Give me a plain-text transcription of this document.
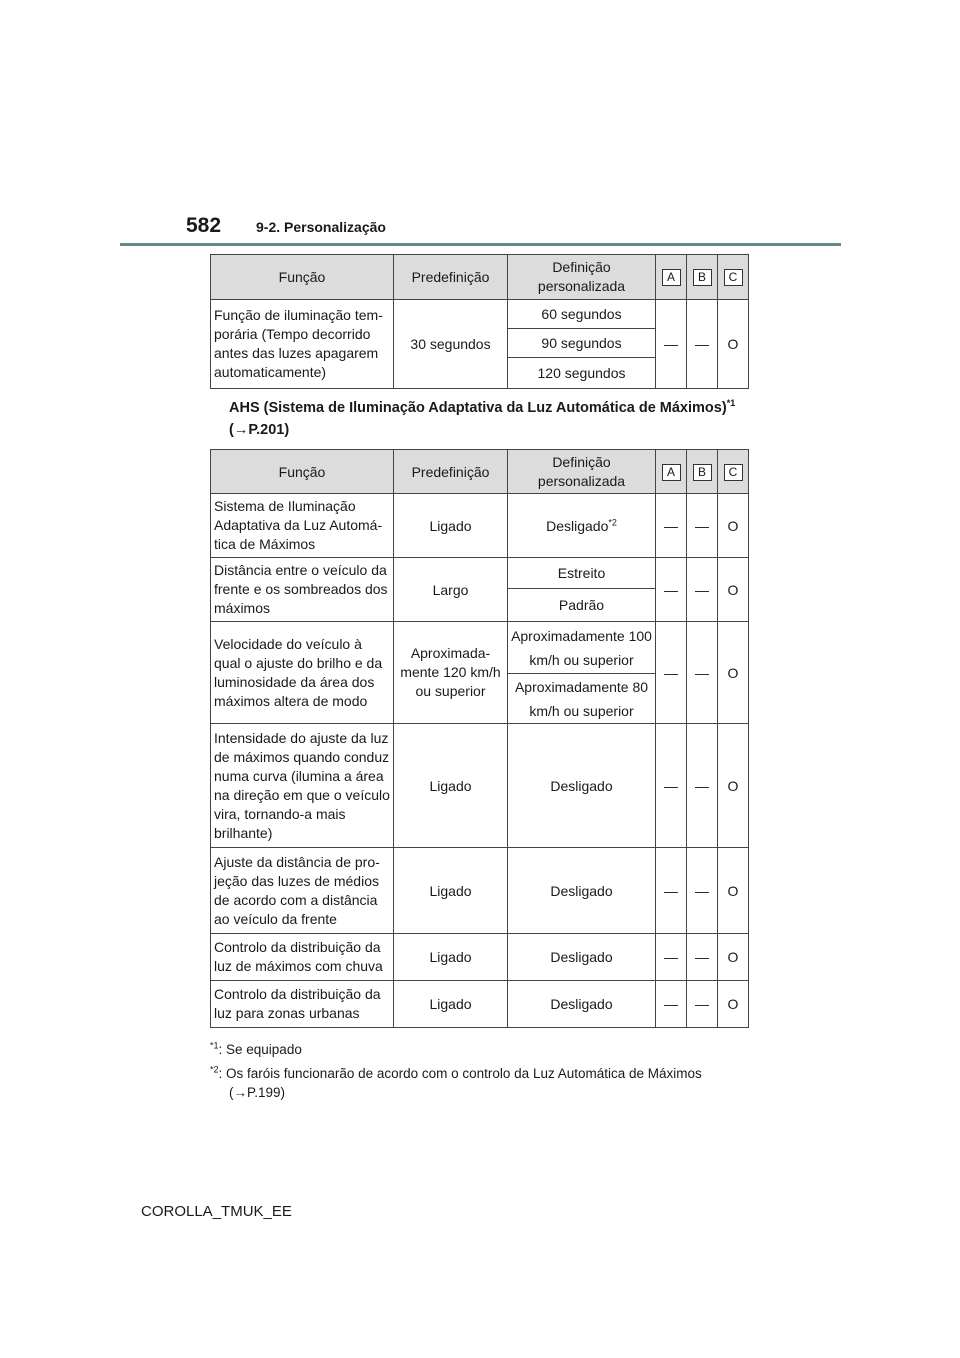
582 9-2. Personalização
Função	Predefinição	Definição personalizada	A	B	C
Função de iluminação temporária (Tempo decorrido antes das luzes apagarem automaticamente)	30 segundos	60 segundos	—	—	O
		90 segundos			
		120 segundos			
AHS (Sistema de Iluminação Adaptativa da Luz Automática de Máximos)$^{*1}$ (→P.201)
Função	Predefinição	Definição personalizada	A	B	C
Sistema de Iluminação Adaptativa da Luz Automática de Máximos	Ligado	Desligado$^{*2}$	—	—	O
Distância entre o veículo da frente e os sombreados dos máximos	Largo	Estreito	—	—	O
		Padrão			
Velocidade do veículo à qual o ajuste do brilho e da luminosidade da área dos máximos altera de modo	Aproximadamente 120 km/h ou superior	Aproximadamente 100 km/h ou superior	—	—	O
		Aproximadamente 80 km/h ou superior			
Intensidade do ajuste da luz de máximos quando conduz numa curva (ilumina a área na direção em que o veículo vira, tornando-a mais brilhante)	Ligado	Desligado	—	—	O
Ajuste da distância de projeção das luzes de médios de acordo com a distância ao veículo da frente	Ligado	Desligado	—	—	O
Controlo da distribuição da luz de máximos com chuva	Ligado	Desligado	—	—	O
Controlo da distribuição da luz para zonas urbanas	Ligado	Desligado	—	—	O
$^{*1}$: Se equipado
$^{*2}$: Os faróis funcionarão de acordo com o controlo da Luz Automática de Máximos
(→P.199)
COROLLA_TMUK_EE
